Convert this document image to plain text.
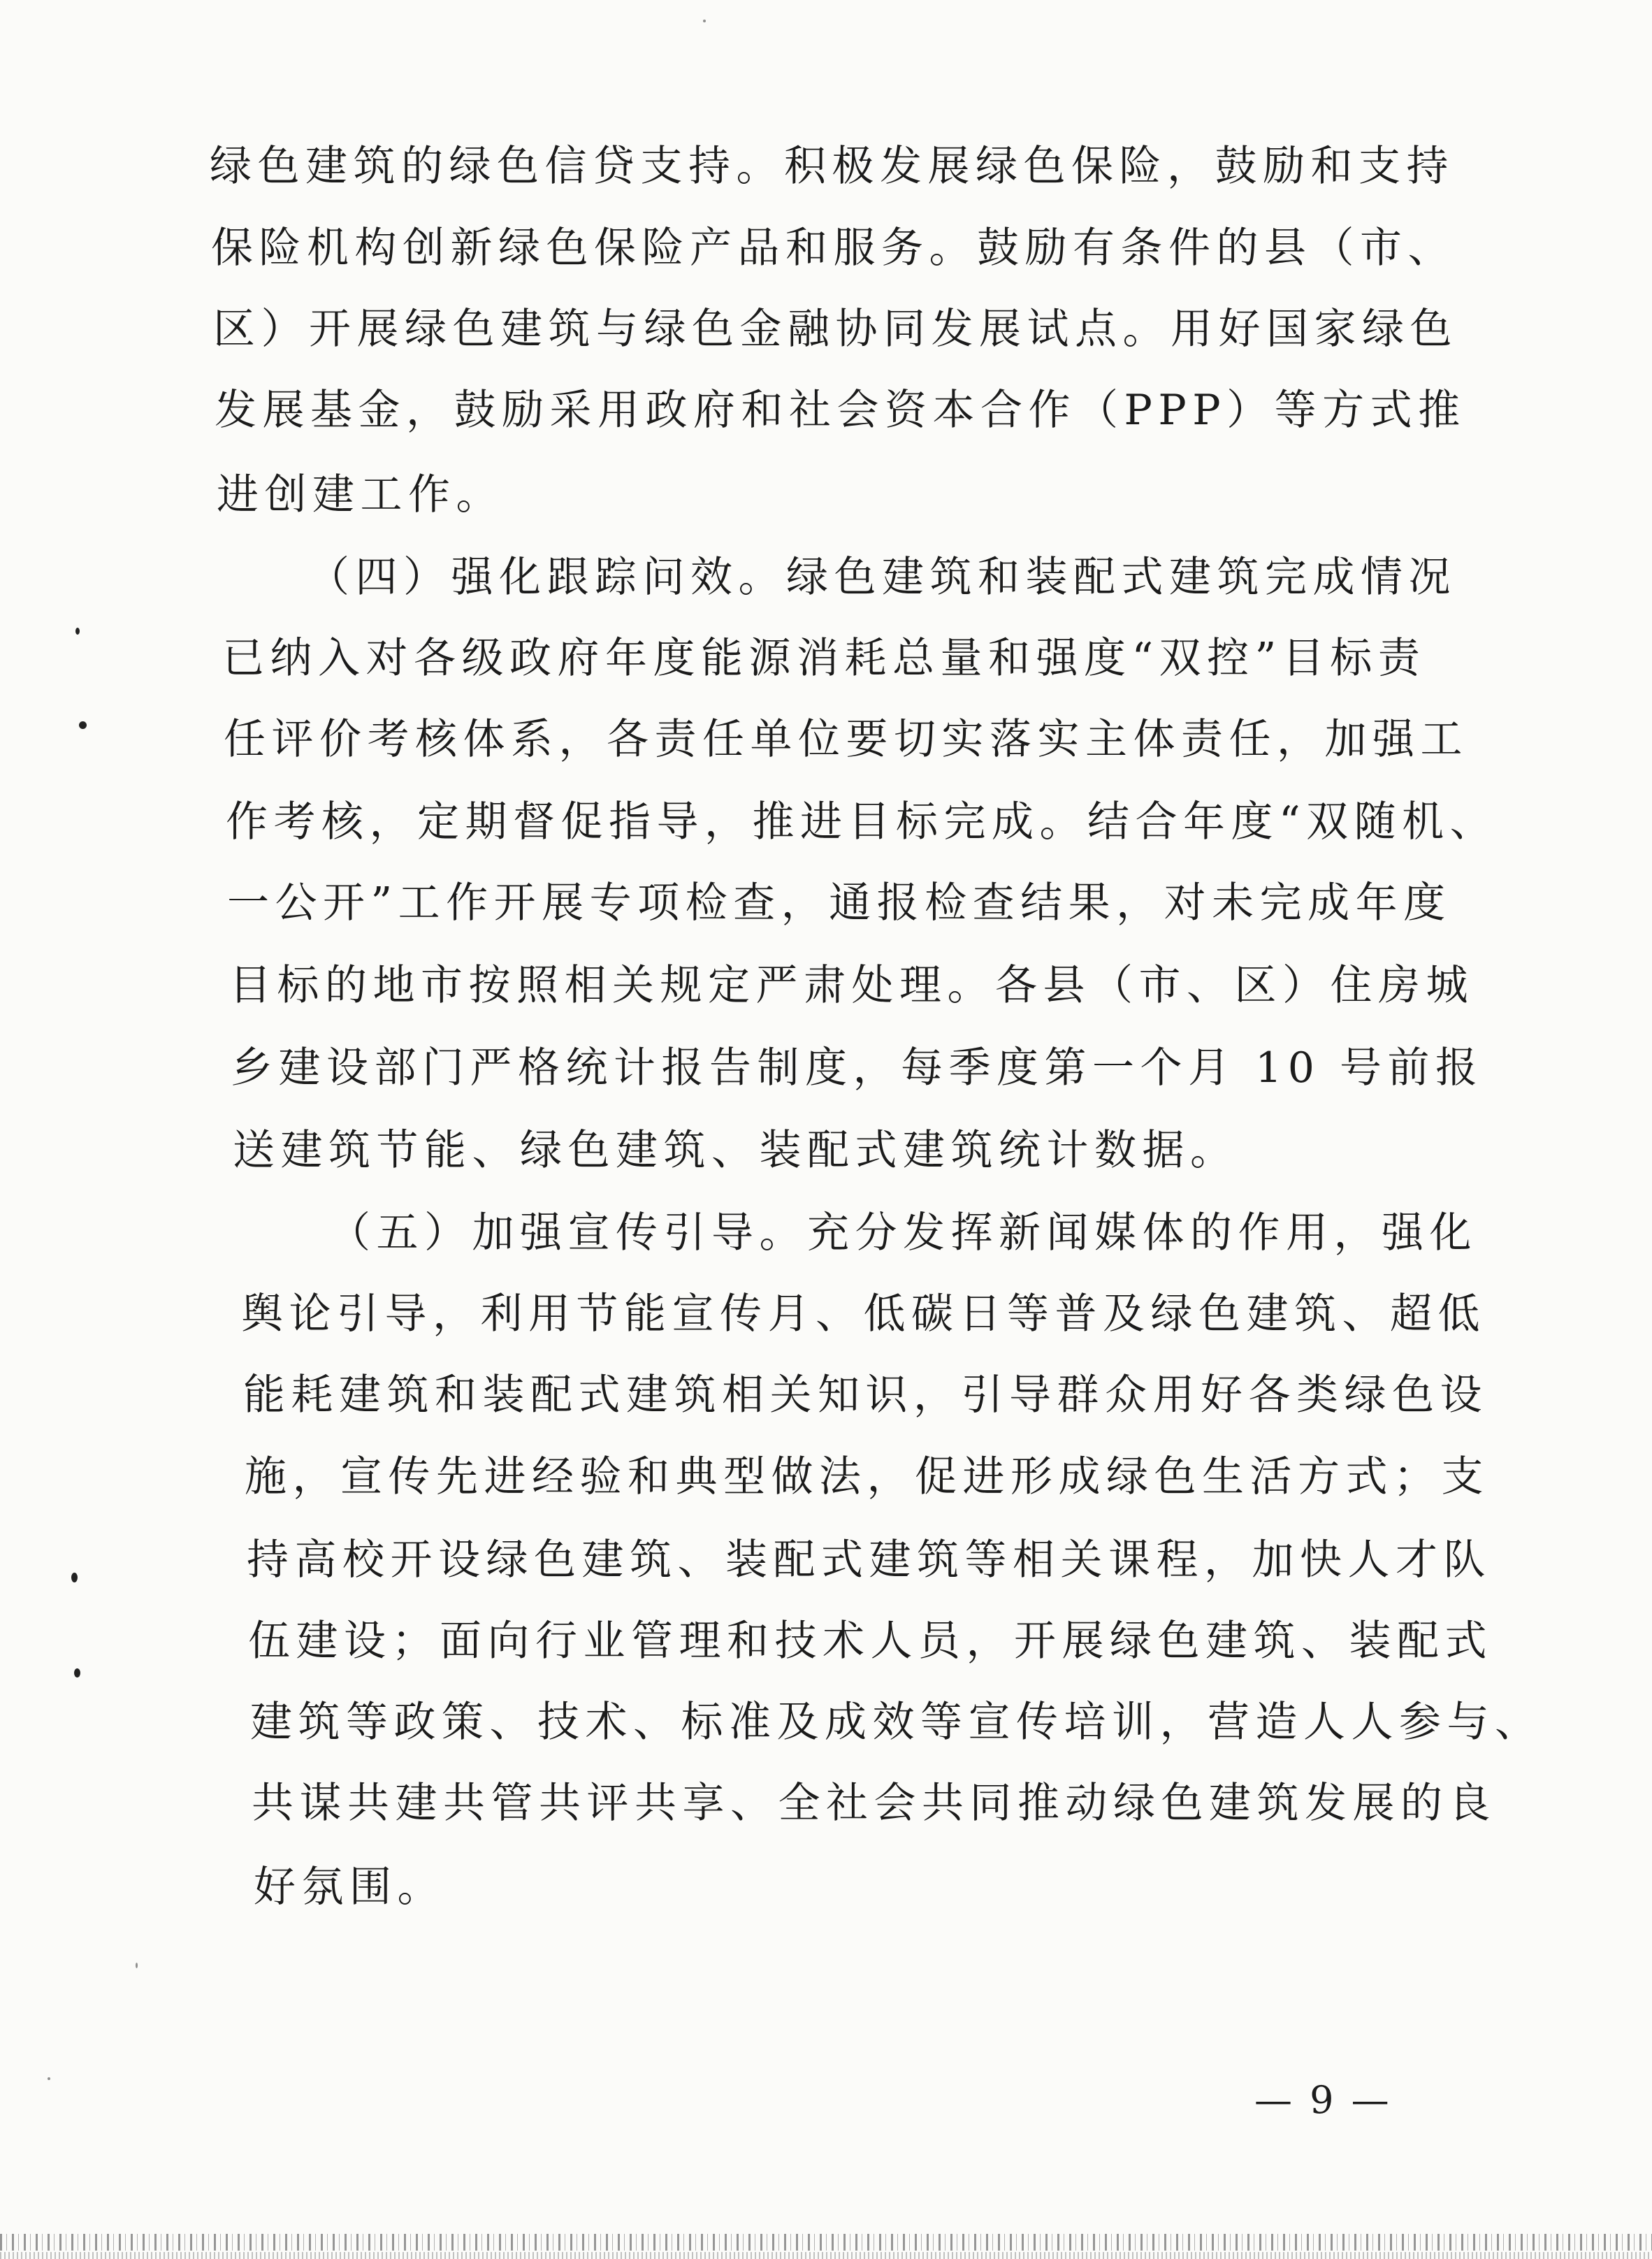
绿色建筑的绿色信贷支持。积极发展绿色保险，鼓励和支持
保险机构创新绿色保险产品和服务。鼓励有条件的县（市、
区）开展绿色建筑与绿色金融协同发展试点。用好国家绿色
发展基金，鼓励采用政府和社会资本合作（PPP）等方式推
进创建工作。
（四）强化跟踪问效。绿色建筑和装配式建筑完成情况
已纳入对各级政府年度能源消耗总量和强度“双控”目标责
任评价考核体系，各责任单位要切实落实主体责任，加强工
作考核，定期督促指导，推进目标完成。结合年度“双随机、
一公开”工作开展专项检查，通报检查结果，对未完成年度
目标的地市按照相关规定严肃处理。各县（市、区）住房城
乡建设部门严格统计报告制度，每季度第一个月 10 号前报
送建筑节能、绿色建筑、装配式建筑统计数据。
（五）加强宣传引导。充分发挥新闻媒体的作用，强化
舆论引导，利用节能宣传月、低碳日等普及绿色建筑、超低
能耗建筑和装配式建筑相关知识，引导群众用好各类绿色设
施，宣传先进经验和典型做法，促进形成绿色生活方式；支
持高校开设绿色建筑、装配式建筑等相关课程，加快人才队
伍建设；面向行业管理和技术人员，开展绿色建筑、装配式
建筑等政策、技术、标准及成效等宣传培训，营造人人参与、
共谋共建共管共评共享、全社会共同推动绿色建筑发展的良
好氛围。
— 9 —
